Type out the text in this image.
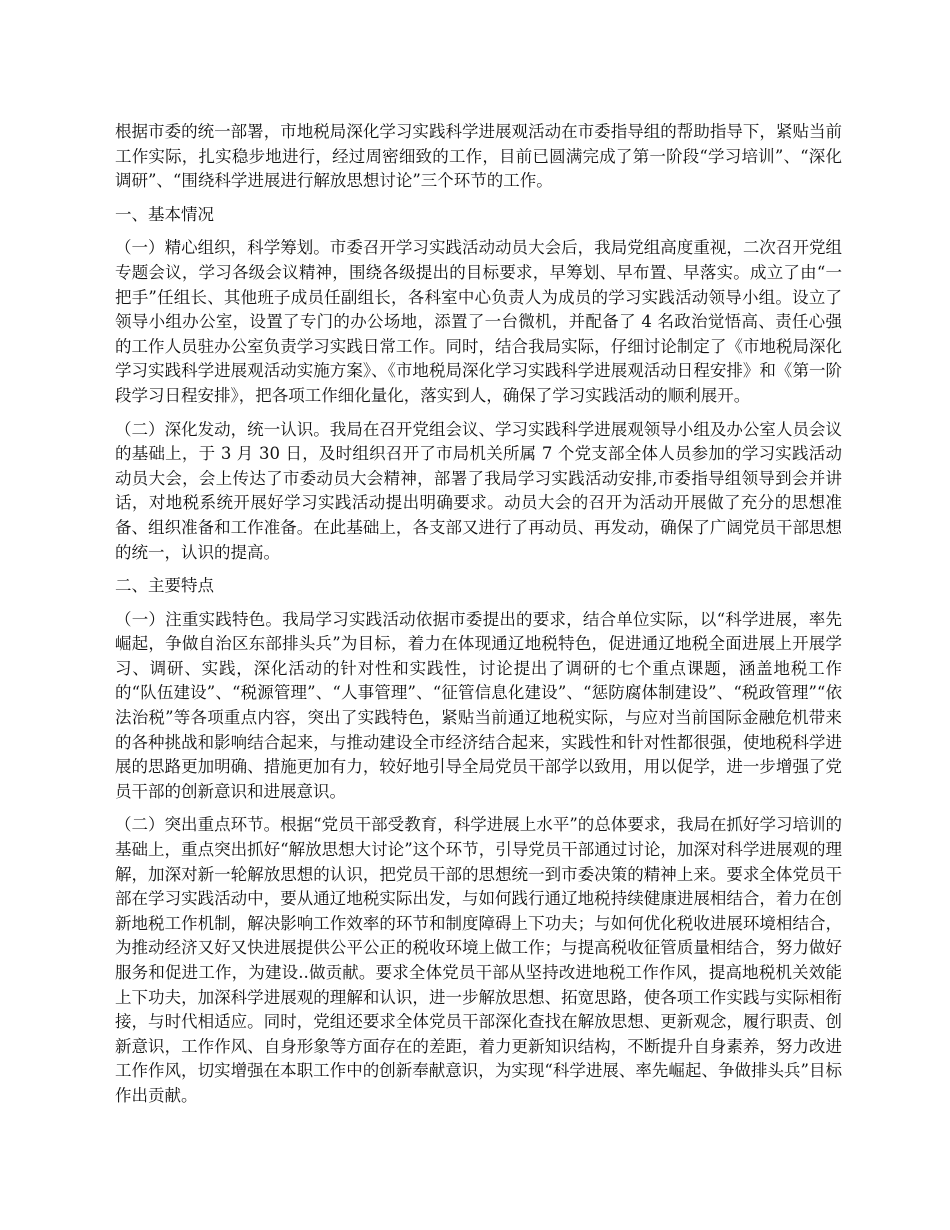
根据市委的统一部署，市地税局深化学习实践科学进展观活动在市委指导组的帮助指导下，紧贴当前工作实际，扎实稳步地进行，经过周密细致的工作，目前已圆满完成了第一阶段“学习培训”、“深化调研”、“围绕科学进展进行解放思想讨论”三个环节的工作。

一、基本情况

（一）精心组织，科学筹划。市委召开学习实践活动动员大会后，我局党组高度重视，二次召开党组专题会议，学习各级会议精神，围绕各级提出的目标要求，早筹划、早布置、早落实。成立了由“一把手”任组长、其他班子成员任副组长，各科室中心负责人为成员的学习实践活动领导小组。设立了领导小组办公室，设置了专门的办公场地，添置了一台微机，并配备了 4 名政治觉悟高、责任心强的工作人员驻办公室负责学习实践日常工作。同时，结合我局实际，仔细讨论制定了《市地税局深化学习实践科学进展观活动实施方案》、《市地税局深化学习实践科学进展观活动日程安排》和《第一阶段学习日程安排》，把各项工作细化量化，落实到人，确保了学习实践活动的顺利展开。

（二）深化发动，统一认识。我局在召开党组会议、学习实践科学进展观领导小组及办公室人员会议的基础上，于 3 月 30 日，及时组织召开了市局机关所属 7 个党支部全体人员参加的学习实践活动动员大会，会上传达了市委动员大会精神，部署了我局学习实践活动安排,市委指导组领导到会并讲话，对地税系统开展好学习实践活动提出明确要求。动员大会的召开为活动开展做了充分的思想准备、组织准备和工作准备。在此基础上，各支部又进行了再动员、再发动，确保了广阔党员干部思想的统一，认识的提高。

二、主要特点

（一）注重实践特色。我局学习实践活动依据市委提出的要求，结合单位实际，以“科学进展，率先崛起，争做自治区东部排头兵”为目标，着力在体现通辽地税特色，促进通辽地税全面进展上开展学习、调研、实践，深化活动的针对性和实践性，讨论提出了调研的七个重点课题，涵盖地税工作的“队伍建设”、“税源管理”、“人事管理”、“征管信息化建设”、“惩防腐体制建设”、“税政管理”“依法治税”等各项重点内容，突出了实践特色，紧贴当前通辽地税实际，与应对当前国际金融危机带来的各种挑战和影响结合起来，与推动建设全市经济结合起来，实践性和针对性都很强，使地税科学进展的思路更加明确、措施更加有力，较好地引导全局党员干部学以致用，用以促学，进一步增强了党员干部的创新意识和进展意识。

（二）突出重点环节。根据“党员干部受教育，科学进展上水平”的总体要求，我局在抓好学习培训的基础上，重点突出抓好“解放思想大讨论”这个环节，引导党员干部通过讨论，加深对科学进展观的理解，加深对新一轮解放思想的认识，把党员干部的思想统一到市委决策的精神上来。要求全体党员干部在学习实践活动中，要从通辽地税实际出发，与如何践行通辽地税持续健康进展相结合，着力在创新地税工作机制，解决影响工作效率的环节和制度障碍上下功夫；与如何优化税收进展环境相结合，为推动经济又好又快进展提供公平公正的税收环境上做工作；与提高税收征管质量相结合，努力做好服务和促进工作，为建设..做贡献。要求全体党员干部从坚持改进地税工作作风，提高地税机关效能上下功夫，加深科学进展观的理解和认识，进一步解放思想、拓宽思路，使各项工作实践与实际相衔接，与时代相适应。同时，党组还要求全体党员干部深化查找在解放思想、更新观念，履行职责、创新意识，工作作风、自身形象等方面存在的差距，着力更新知识结构，不断提升自身素养，努力改进工作作风，切实增强在本职工作中的创新奉献意识，为实现“科学进展、率先崛起、争做排头兵”目标作出贡献。
